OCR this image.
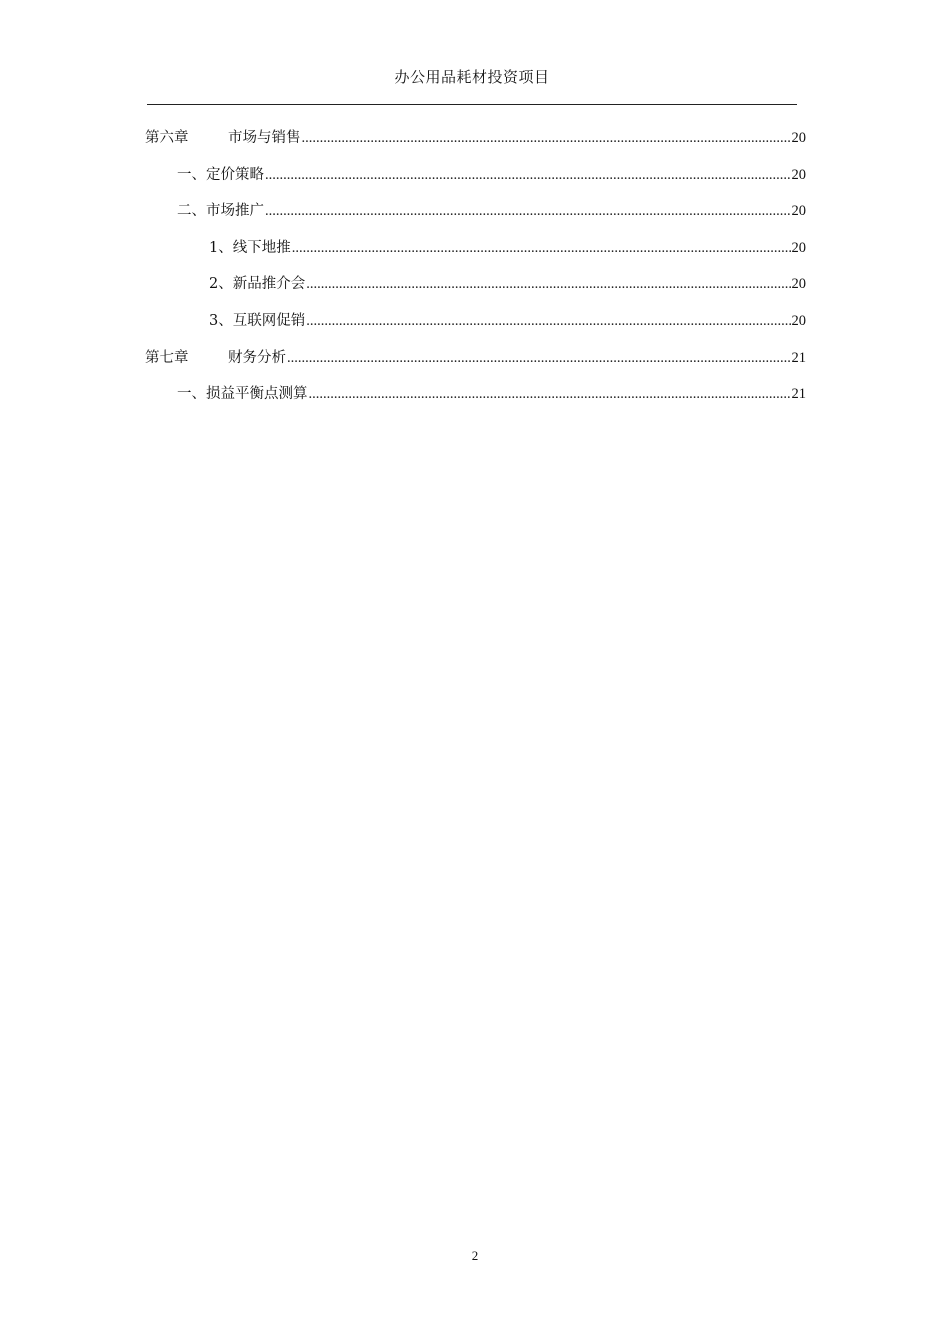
办公用品耗材投资项目
第六章	市场与销售 .....	20
一、定价策略 .....	20
二、市场推广 .....	20
1、线下地推 .....	20
2、新品推介会 .....	20
3、互联网促销 .....	20
第七章	财务分析 .....	21
一、损益平衡点测算 .....	21
2
